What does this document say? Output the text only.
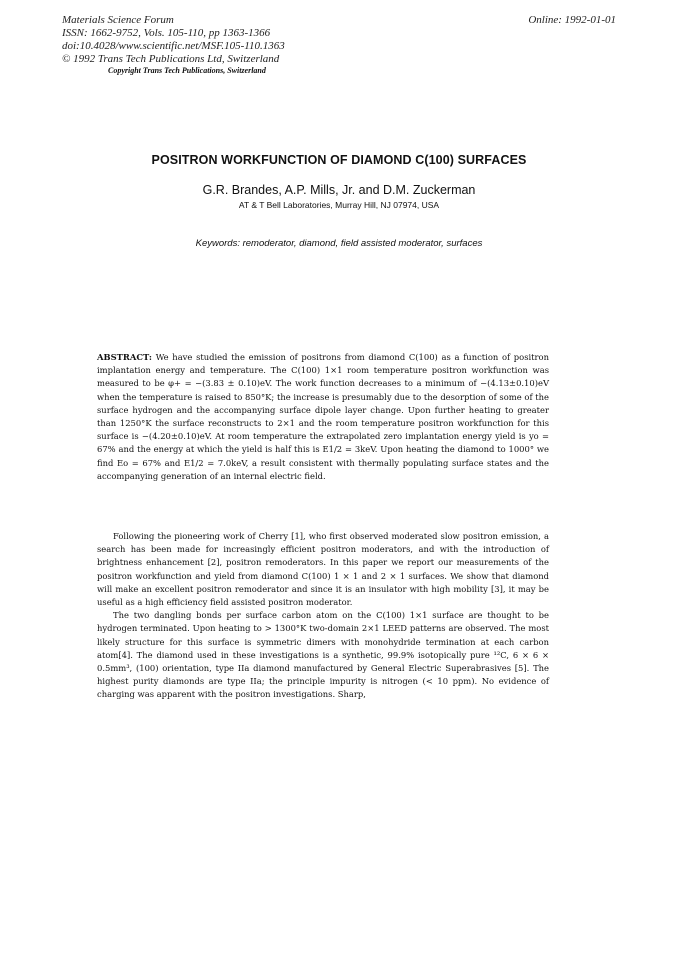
Materials Science Forum
ISSN: 1662-9752, Vols. 105-110, pp 1363-1366
doi:10.4028/www.scientific.net/MSF.105-110.1363
© 1992 Trans Tech Publications Ltd, Switzerland
Online: 1992-01-01
Copyright Trans Tech Publications, Switzerland
POSITRON WORKFUNCTION OF DIAMOND C(100) SURFACES
G.R. Brandes, A.P. Mills, Jr. and D.M. Zuckerman
AT & T Bell Laboratories, Murray Hill, NJ 07974, USA
Keywords: remoderator, diamond, field assisted moderator, surfaces
ABSTRACT: We have studied the emission of positrons from diamond C(100) as a function of positron implantation energy and temperature. The C(100) 1×1 room temperature positron workfunction was measured to be φ+ = −(3.83 ± 0.10)eV. The work function decreases to a minimum of −(4.13±0.10)eV when the temperature is raised to 850°K; the increase is presumably due to the desorption of some of the surface hydrogen and the accompanying surface dipole layer change. Upon further heating to greater than 1250°K the surface reconstructs to 2×1 and the room temperature positron workfunction for this surface is −(4.20±0.10)eV. At room temperature the extrapolated zero implantation energy yield is yo = 67% and the energy at which the yield is half this is E1/2 = 3keV. Upon heating the diamond to 1000° we find Eo = 67% and E1/2 = 7.0keV, a result consistent with thermally populating surface states and the accompanying generation of an internal electric field.

Following the pioneering work of Cherry [1], who first observed moderated slow positron emission, a search has been made for increasingly efficient positron moderators, and with the introduction of brightness enhancement [2], positron remoderators. In this paper we report our measurements of the positron workfunction and yield from diamond C(100) 1 × 1 and 2 × 1 surfaces. We show that diamond will make an excellent positron remoderator and since it is an insulator with high mobility [3], it may be useful as a high efficiency field assisted positron moderator.

The two dangling bonds per surface carbon atom on the C(100) 1×1 surface are thought to be hydrogen terminated. Upon heating to > 1300°K two-domain 2×1 LEED patterns are observed. The most likely structure for this surface is symmetric dimers with monohydride termination at each carbon atom[4]. The diamond used in these investigations is a synthetic, 99.9% isotopically pure ¹²C, 6 × 6 × 0.5mm³, (100) orientation, type IIa diamond manufactured by General Electric Superabrasives [5]. The highest purity diamonds are type IIa; the principle impurity is nitrogen (< 10 ppm). No evidence of charging was apparent with the positron investigations. Sharp,
